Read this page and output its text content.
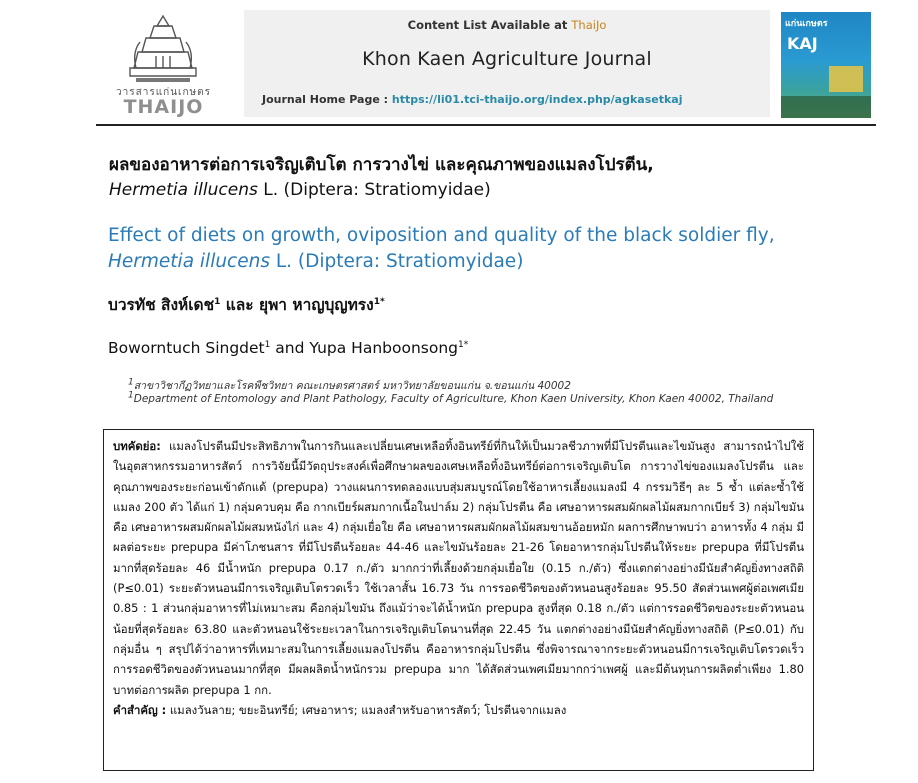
วารสารแก่นเกษตร
THAIJO
Content List Available at ThaiJo
Khon Kaen Agriculture Journal
Journal Home Page : https://li01.tci-thaijo.org/index.php/agkasetkaj
แก่นเกษตร
KAJ
ผลของอาหารต่อการเจริญเติบโต การวางไข่ และคุณภาพของแมลงโปรตีน,
Hermetia illucens L. (Diptera: Stratiomyidae)
Effect of diets on growth, oviposition and quality of the black soldier fly, Hermetia illucens L. (Diptera: Stratiomyidae)
บวรทัช สิงห์เดช$^1$ และ ยุพา หาญบุญทรง$^{1*}$
Boworntuch Singdet$^1$ and Yupa Hanboonsong$^{1*}$
$^1$สาขาวิชากีฏวิทยาและโรคพืชวิทยา คณะเกษตรศาสตร์ มหาวิทยาลัยขอนแก่น จ.ขอนแก่น 40002
$^1$Department of Entomology and Plant Pathology, Faculty of Agriculture, Khon Kaen University, Khon Kaen 40002, Thailand
บทคัดย่อ: แมลงโปรตีนมีประสิทธิภาพในการกินและเปลี่ยนเศษเหลือทิ้งอินทรีย์ที่กินให้เป็นมวลชีวภาพที่มีโปรตีนและไขมันสูง สามารถนำไปใช้ในอุตสาหกรรมอาหารสัตว์ การวิจัยนี้มีวัตถุประสงค์เพื่อศึกษาผลของเศษเหลือทิ้งอินทรีย์ต่อการเจริญเติบโต การวางไข่ของแมลงโปรตีน และคุณภาพของระยะก่อนเข้าดักแด้ (prepupa) วางแผนการทดลองแบบสุ่มสมบูรณ์โดยใช้อาหารเลี้ยงแมลงมี 4 กรรมวิธีๆ ละ 5 ซ้ำ แต่ละซ้ำใช้แมลง 200 ตัว ได้แก่ 1) กลุ่มควบคุม คือ กากเบียร์ผสมกากเนื้อในปาล์ม 2) กลุ่มโปรตีน คือ เศษอาหารผสมผักผลไม้ผสมกากเบียร์ 3) กลุ่มไขมัน คือ เศษอาหารผสมผักผลไม้ผสมหนังไก่ และ 4) กลุ่มเยื่อใย คือ เศษอาหารผสมผักผลไม้ผสมขานอ้อยหมัก ผลการศึกษาพบว่า อาหารทั้ง 4 กลุ่ม มีผลต่อระยะ prepupa มีค่าโภชนสาร ที่มีโปรตีนร้อยละ 44-46 และไขมันร้อยละ 21-26 โดยอาหารกลุ่มโปรตีนให้ระยะ prepupa ที่มีโปรตีนมากที่สุดร้อยละ 46 มีน้ำหนัก prepupa 0.17 ก./ตัว มากกว่าที่เลี้ยงด้วยกลุ่มเยื่อใย (0.15 ก./ตัว) ซึ่งแตกต่างอย่างมีนัยสำคัญยิ่งทางสถิติ (P≤0.01) ระยะตัวหนอนมีการเจริญเติบโตรวดเร็ว ใช้เวลาสั้น 16.73 วัน การรอดชีวิตของตัวหนอนสูงร้อยละ 95.50 สัดส่วนเพศผู้ต่อเพศเมีย 0.85 : 1 ส่วนกลุ่มอาหารที่ไม่เหมาะสม คือกลุ่มไขมัน ถึงแม้ว่าจะได้น้ำหนัก prepupa สูงที่สุด 0.18 ก./ตัว แต่การรอดชีวิตของระยะตัวหนอนน้อยที่สุดร้อยละ 63.80 และตัวหนอนใช้ระยะเวลาในการเจริญเติบโตนานที่สุด 22.45 วัน แตกต่างอย่างมีนัยสำคัญยิ่งทางสถิติ (P≤0.01) กับกลุ่มอื่น ๆ สรุปได้ว่าอาหารที่เหมาะสมในการเลี้ยงแมลงโปรตีน คืออาหารกลุ่มโปรตีน ซึ่งพิจารณาจากระยะตัวหนอนมีการเจริญเติบโตรวดเร็ว การรอดชีวิตของตัวหนอนมากที่สุด มีผลผลิตน้ำหนักรวม prepupa มาก ได้สัดส่วนเพศเมียมากกว่าเพศผู้ และมีต้นทุนการผลิตต่ำเพียง 1.80 บาทต่อการผลิต prepupa 1 กก.
คำสำคัญ : แมลงวันลาย; ขยะอินทรีย์; เศษอาหาร; แมลงสำหรับอาหารสัตว์; โปรตีนจากแมลง
